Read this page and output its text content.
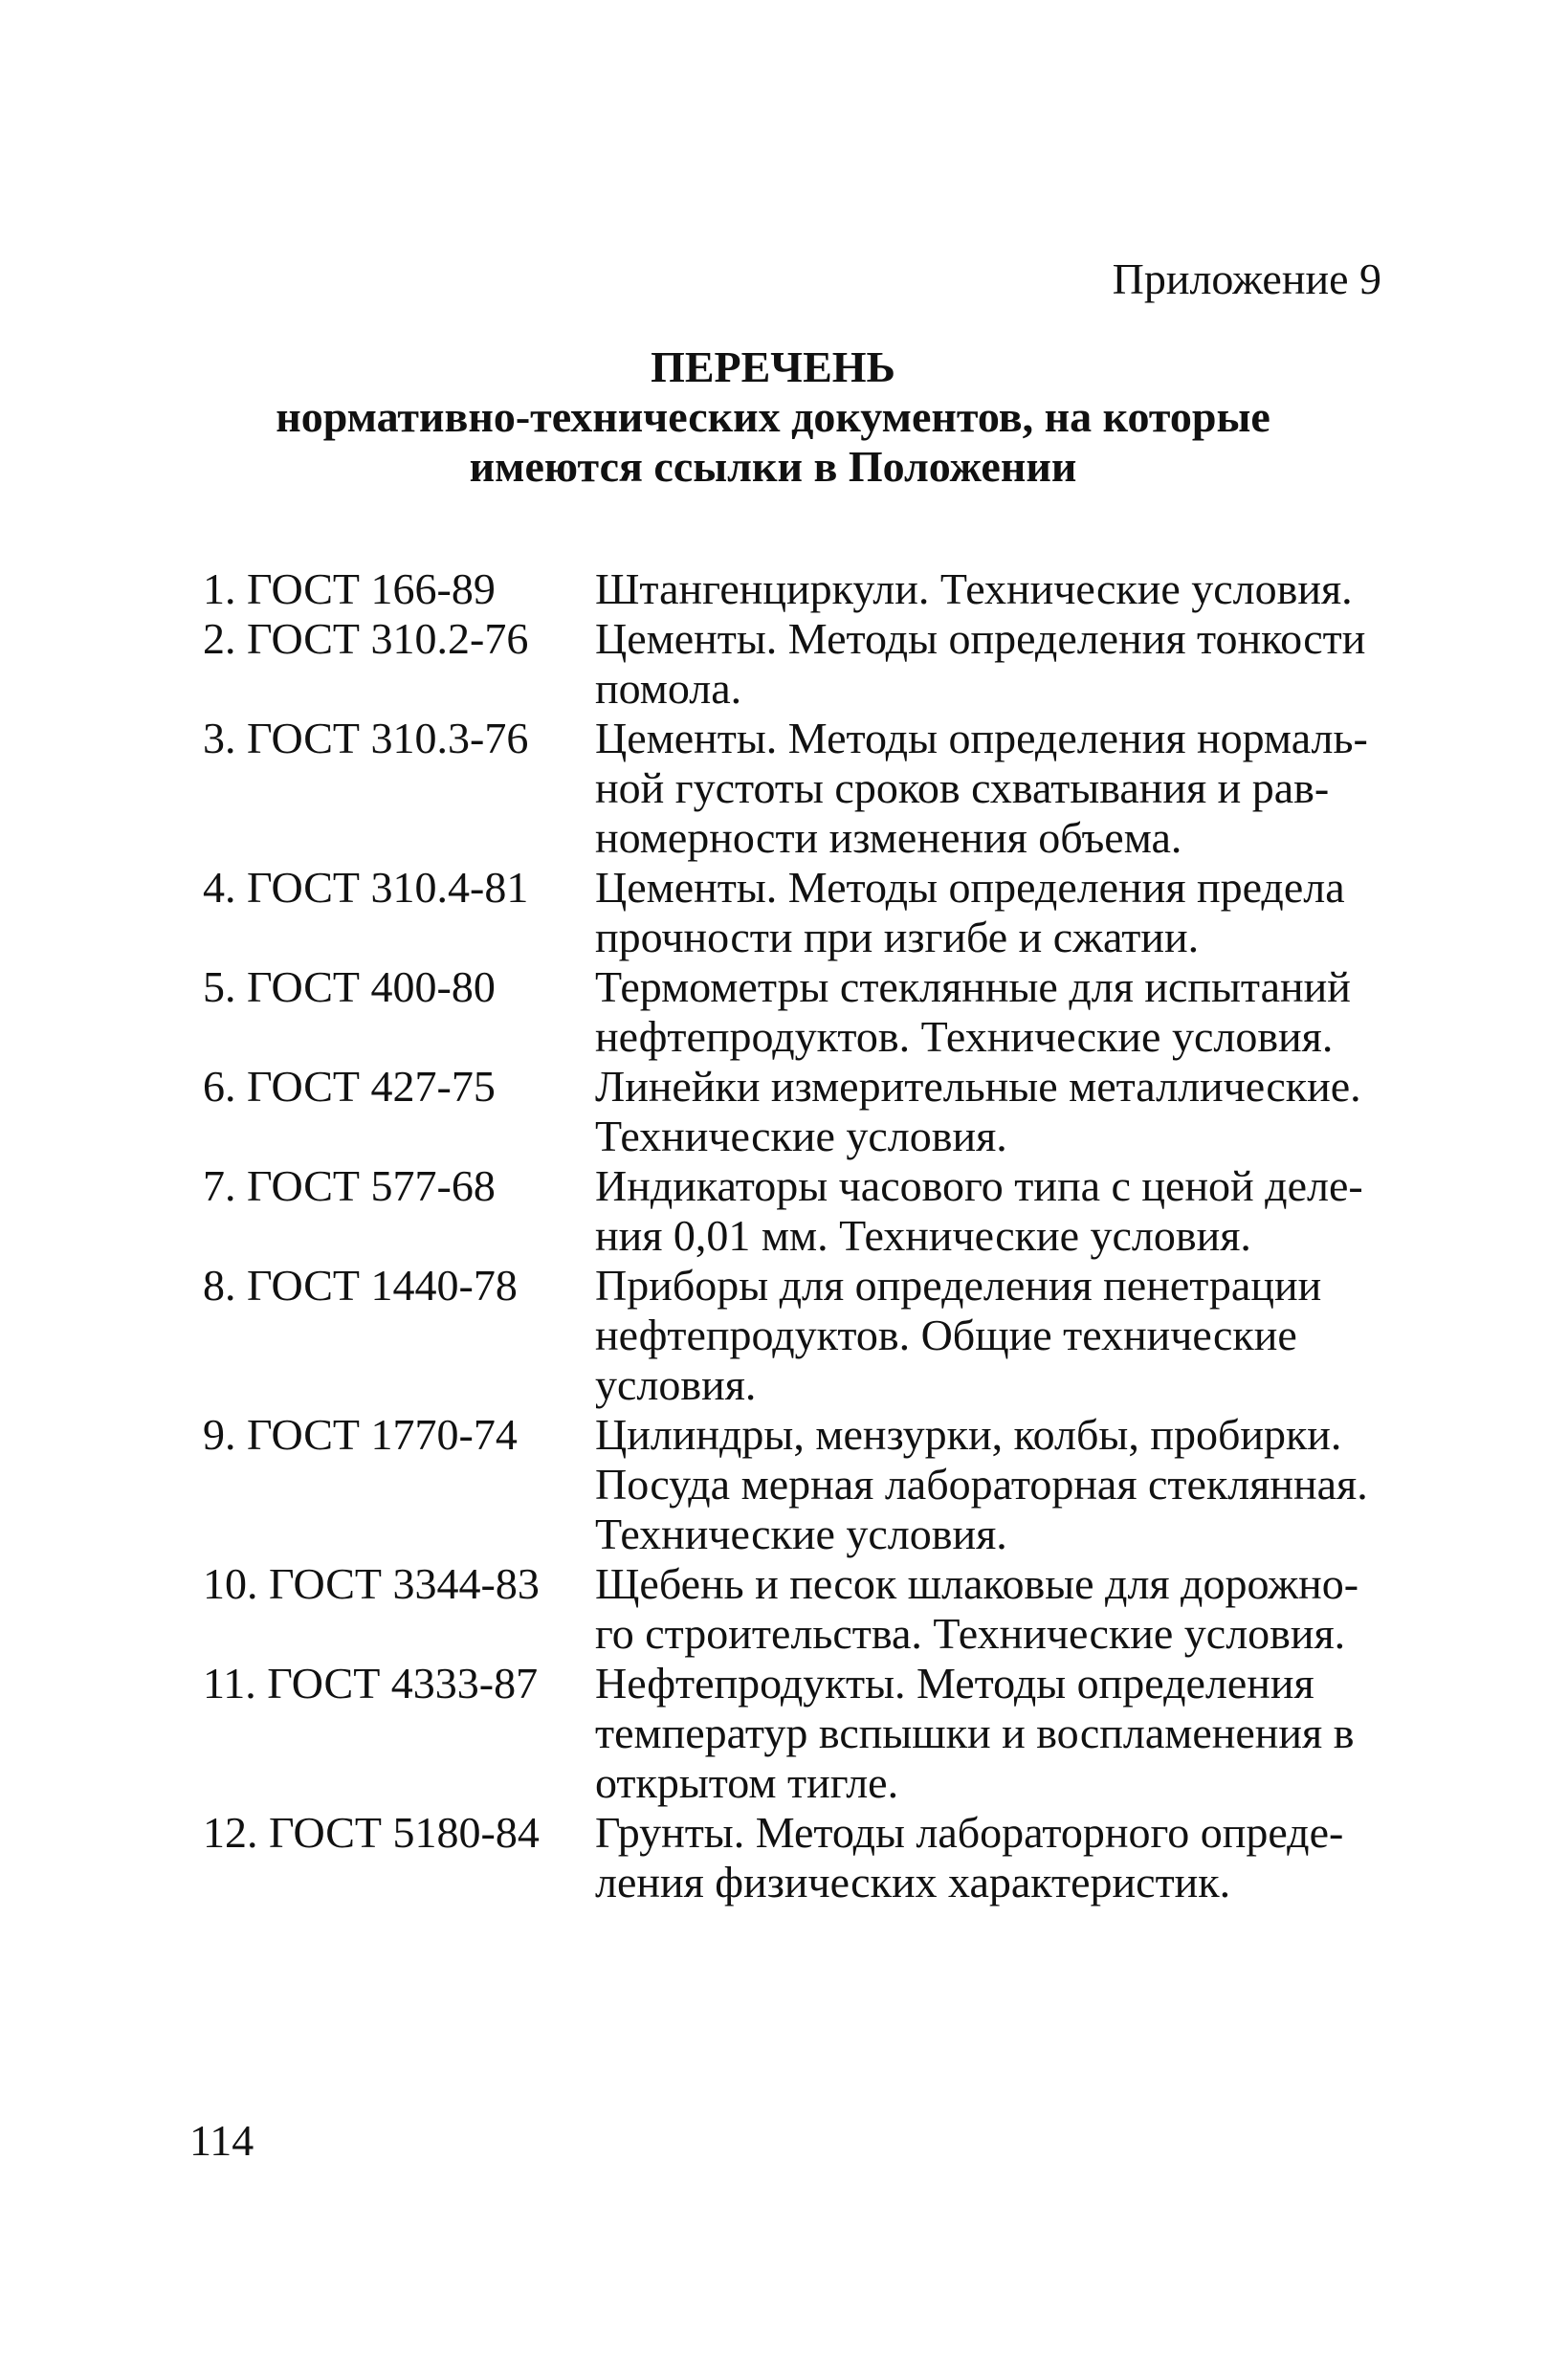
Приложение 9
ПЕРЕЧЕНЬ
нормативно-технических документов, на которые имеются ссылки в Положении
1. ГОСТ 166-89	Штангенциркули. Технические условия.
2. ГОСТ 310.2-76	Цементы. Методы определения тонкости
помола.
3. ГОСТ 310.3-76	Цементы. Методы определения нормаль-
ной густоты сроков схватывания и рав-
номерности изменения объема.
4. ГОСТ 310.4-81	Цементы. Методы определения предела
прочности при изгибе и сжатии.
5. ГОСТ 400-80	Термометры стеклянные для испытаний
нефтепродуктов. Технические условия.
6. ГОСТ 427-75	Линейки измерительные металлические.
Технические условия.
7. ГОСТ 577-68	Индикаторы часового типа с ценой деле-
ния 0,01 мм. Технические условия.
8. ГОСТ 1440-78	Приборы для определения пенетрации
нефтепродуктов. Общие технические
условия.
9. ГОСТ 1770-74	Цилиндры, мензурки, колбы, пробирки.
Посуда мерная лабораторная стеклянная.
Технические условия.
10. ГОСТ 3344-83	Щебень и песок шлаковые для дорожно-
го строительства. Технические условия.
11. ГОСТ 4333-87	Нефтепродукты. Методы определения
температур вспышки и воспламенения в
открытом тигле.
12. ГОСТ 5180-84	Грунты. Методы лабораторного опреде-
ления физических характеристик.
114
